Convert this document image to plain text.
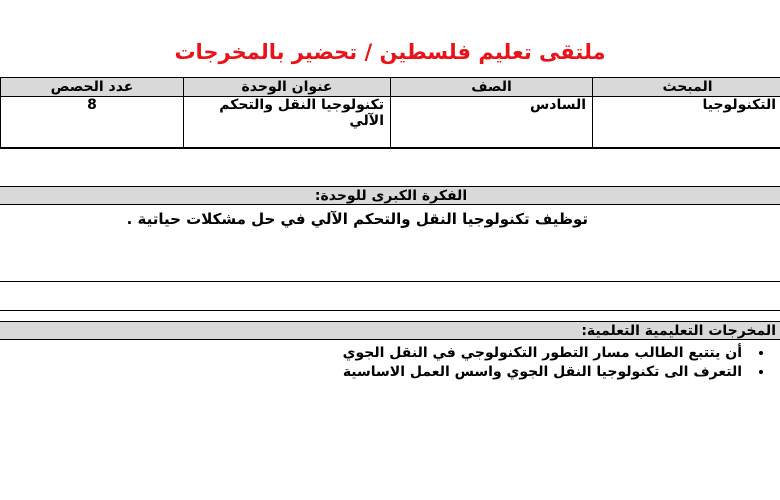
ملتقى تعليم فلسطين / تحضير بالمخرجات
المبحث	الصف	عنوان الوحدة	عدد الحصص
التكنولوجيا	السادس	تكنولوجيا النقل والتحكم الآلي	8
الفكرة الكبرى للوحدة:
توظيف تكنولوجيا النقل والتحكم الآلي في حل مشكلات حياتية .
المخرجات التعليمية التعلمية:
• أن يتتبع الطالب مسار التطور التكنولوجي في النقل الجوي
• التعرف الى تكنولوجيا النقل الجوي واسس العمل الاساسية
